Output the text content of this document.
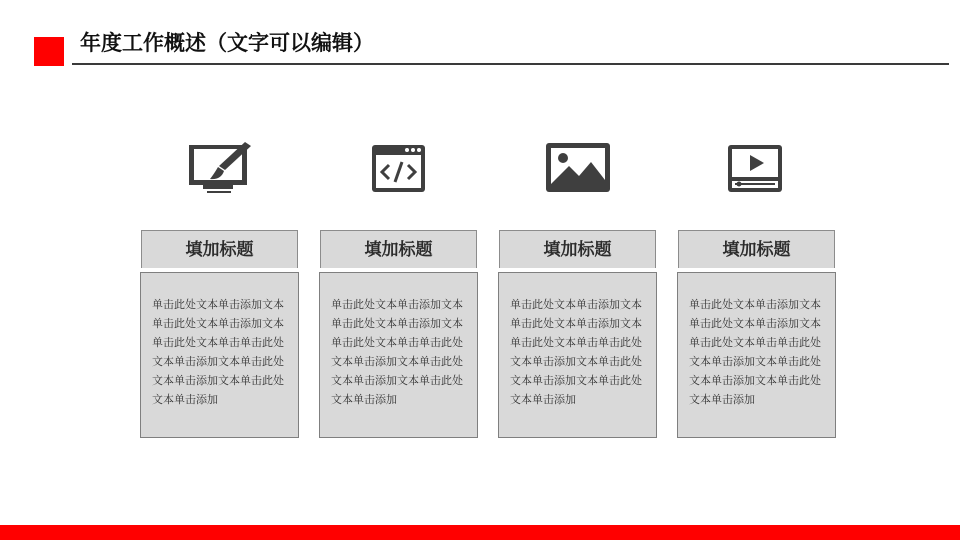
年度工作概述（文字可以编辑）
填加标题
单击此处文本单击添加文本单击此处文本单击添加文本单击此处文本单击单击此处文本单击添加文本单击此处文本单击添加文本单击此处文本单击添加
填加标题
单击此处文本单击添加文本单击此处文本单击添加文本单击此处文本单击单击此处文本单击添加文本单击此处文本单击添加文本单击此处文本单击添加
填加标题
单击此处文本单击添加文本单击此处文本单击添加文本单击此处文本单击单击此处文本单击添加文本单击此处文本单击添加文本单击此处文本单击添加
填加标题
单击此处文本单击添加文本单击此处文本单击添加文本单击此处文本单击单击此处文本单击添加文本单击此处文本单击添加文本单击此处文本单击添加
